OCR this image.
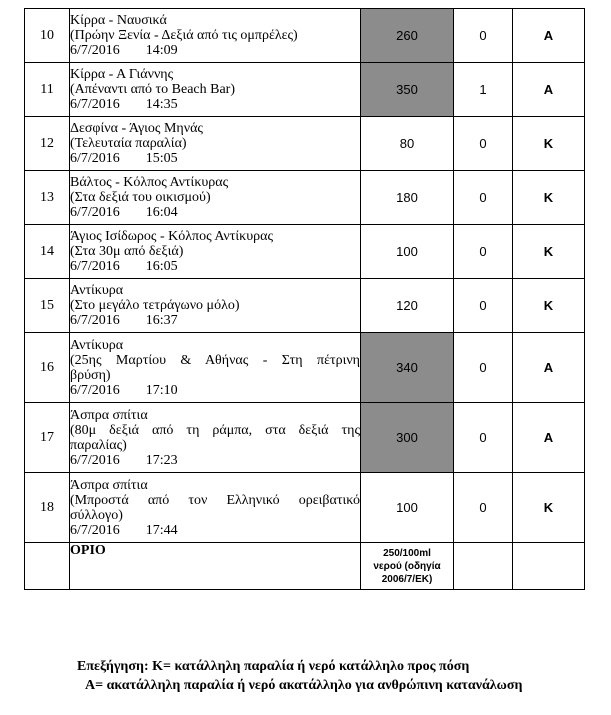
10	Κίρρα - Ναυσικά
(Πρώην Ξενία - Δεξιά από τις ομπρέλες)
6/7/2016 14:09	260	0	Α
11	Κίρρα - Α Γιάννης
(Απέναντι από το Beach Bar)
6/7/2016 14:35	350	1	Α
12	Δεσφίνα - Άγιος Μηνάς
(Τελευταία παραλία)
6/7/2016 15:05	80	0	Κ
13	Βάλτος - Κόλπος Αντίκυρας
(Στα δεξιά του οικισμού)
6/7/2016 16:04	180	0	Κ
14	Άγιος Ισίδωρος - Κόλπος Αντίκυρας
(Στα 30μ από δεξιά)
6/7/2016 16:05	100	0	Κ
15	Αντίκυρα
(Στο μεγάλο τετράγωνο μόλο)
6/7/2016 16:37	120	0	Κ
16	Αντίκυρα
(25ης Μαρτίου & Αθήνας - Στη πέτρινη
βρύση)
6/7/2016 17:10	340	0	Α
17	Άσπρα σπίτια
(80μ δεξιά από τη ράμπα, στα δεξιά της
παραλίας)
6/7/2016 17:23	300	0	Α
18	Άσπρα σπίτια
(Μπροστά από τον Ελληνικό ορειβατικό
σύλλογο)
6/7/2016 17:44	100	0	Κ
	ΟΡΙΟ	250/100ml
νερού (οδηγία
2006/7/ΕΚ)		

Επεξήγηση: Κ= κατάλληλη παραλία ή νερό κατάλληλο προς πόση
Α= ακατάλληλη παραλία ή νερό ακατάλληλο για ανθρώπινη κατανάλωση
